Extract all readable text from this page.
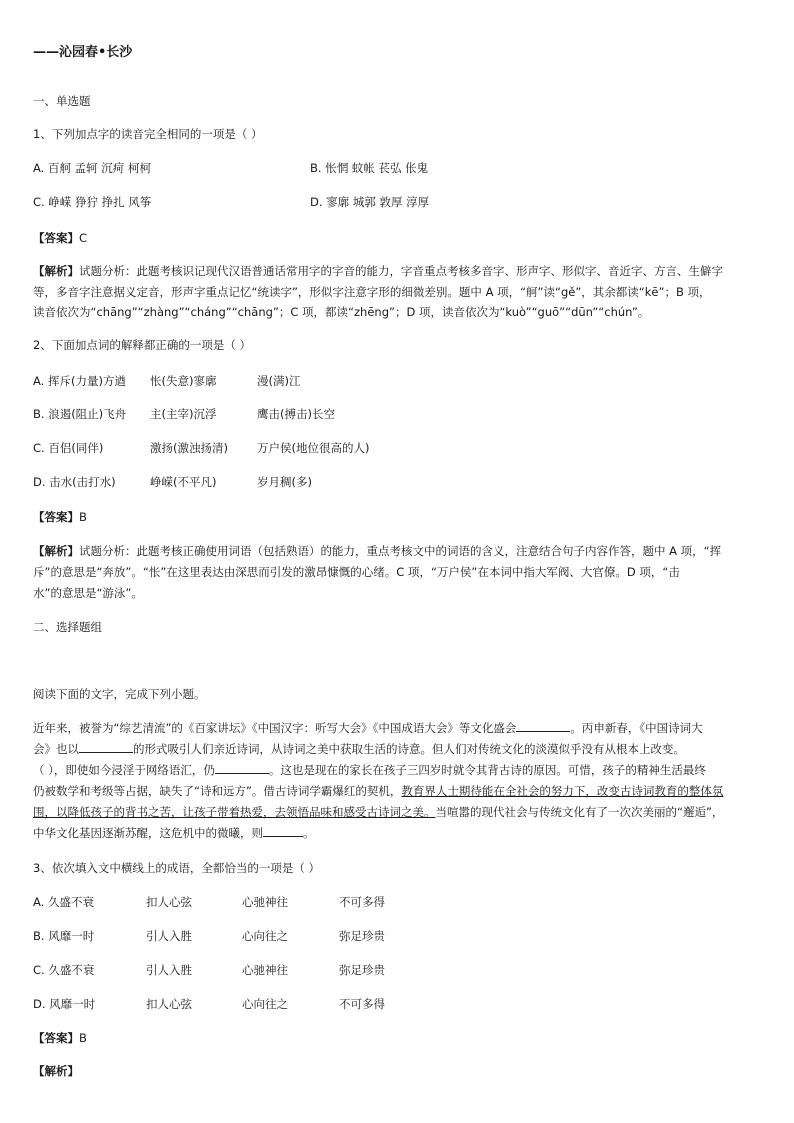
——沁园春•长沙
一、单选题
1、下列加点字的读音完全相同的一项是（ ）
A. 百舸 孟轲 沉疴 柯柯	B. 怅惘 蚊帐 苌弘 伥鬼
C. 峥嵘 狰狞 挣扎 风筝	D. 寥廓 城郭 敦厚 淳厚
【答案】C
【解析】试题分析：此题考核识记现代汉语普通话常用字的字音的能力，字音重点考核多音字、形声字、形似字、音近字、方言、生僻字
等，多音字注意据义定音，形声字重点记忆“统读字”，形似字注意字形的细微差别。题中 A 项，“舸”读“gě”，其余都读“kē”；B 项，
读音依次为“chāng”“zhàng”“cháng”“chāng”；C 项，都读“zhēng”；D 项，读音依次为“kuò”“guō”“dūn”“chún”。
2、下面加点词的解释都正确的一项是（ ）
A. 挥斥(力量)方遒 怅(失意)寥廓	漫(满)江
B. 浪遏(阻止)飞舟 主(主宰)沉浮	鹰击(搏击)长空
C. 百侣(同伴)	激扬(激浊扬清)	万户侯(地位很高的人)
D. 击水(击打水)	峥嵘(不平凡)	岁月稠(多)
【答案】B
【解析】试题分析：此题考核正确使用词语（包括熟语）的能力，重点考核文中的词语的含义，注意结合句子内容作答，题中 A 项，“挥
斥”的意思是“奔放”。“怅”在这里表达由深思而引发的激昂慷慨的心绪。C 项，“万户侯”在本词中指大军阀、大官僚。D 项，“击
水”的意思是“游泳”。
二、选择题组
阅读下面的文字，完成下列小题。
近年来，被誉为“综艺清流”的《百家讲坛》《中国汉字：听写大会》《中国成语大会》等文化盛会	。丙申新春，《中国诗词大
会》也以	的形式吸引人们亲近诗词，从诗词之美中获取生活的诗意。但人们对传统文化的淡漠似乎没有从根本上改变。
（ ），即使如今浸淫于网络语汇，仍	。这也是现在的家长在孩子三四岁时就令其背古诗的原因。可惜，孩子的精神生活最终
仍被数学和考级等占据，缺失了“诗和远方”。借古诗词学霸爆红的契机，教育界人士期待能在全社会的努力下，改变古诗词教育的整体氛
围，以降低孩子的背书之苦，让孩子带着热爱，去领悟品味和感受古诗词之美。当喧嚣的现代社会与传统文化有了一次次美丽的“邂逅”，
中华文化基因逐渐苏醒，这危机中的微曦，则	。
3、依次填入文中横线上的成语，全都恰当的一项是（ ）
A. 久盛不衰	扣人心弦	心驰神往	不可多得
B. 风靡一时	引人入胜	心向往之	弥足珍贵
C. 久盛不衰	引人入胜	心驰神往	弥足珍贵
D. 风靡一时	扣人心弦	心向往之	不可多得
【答案】B
【解析】
